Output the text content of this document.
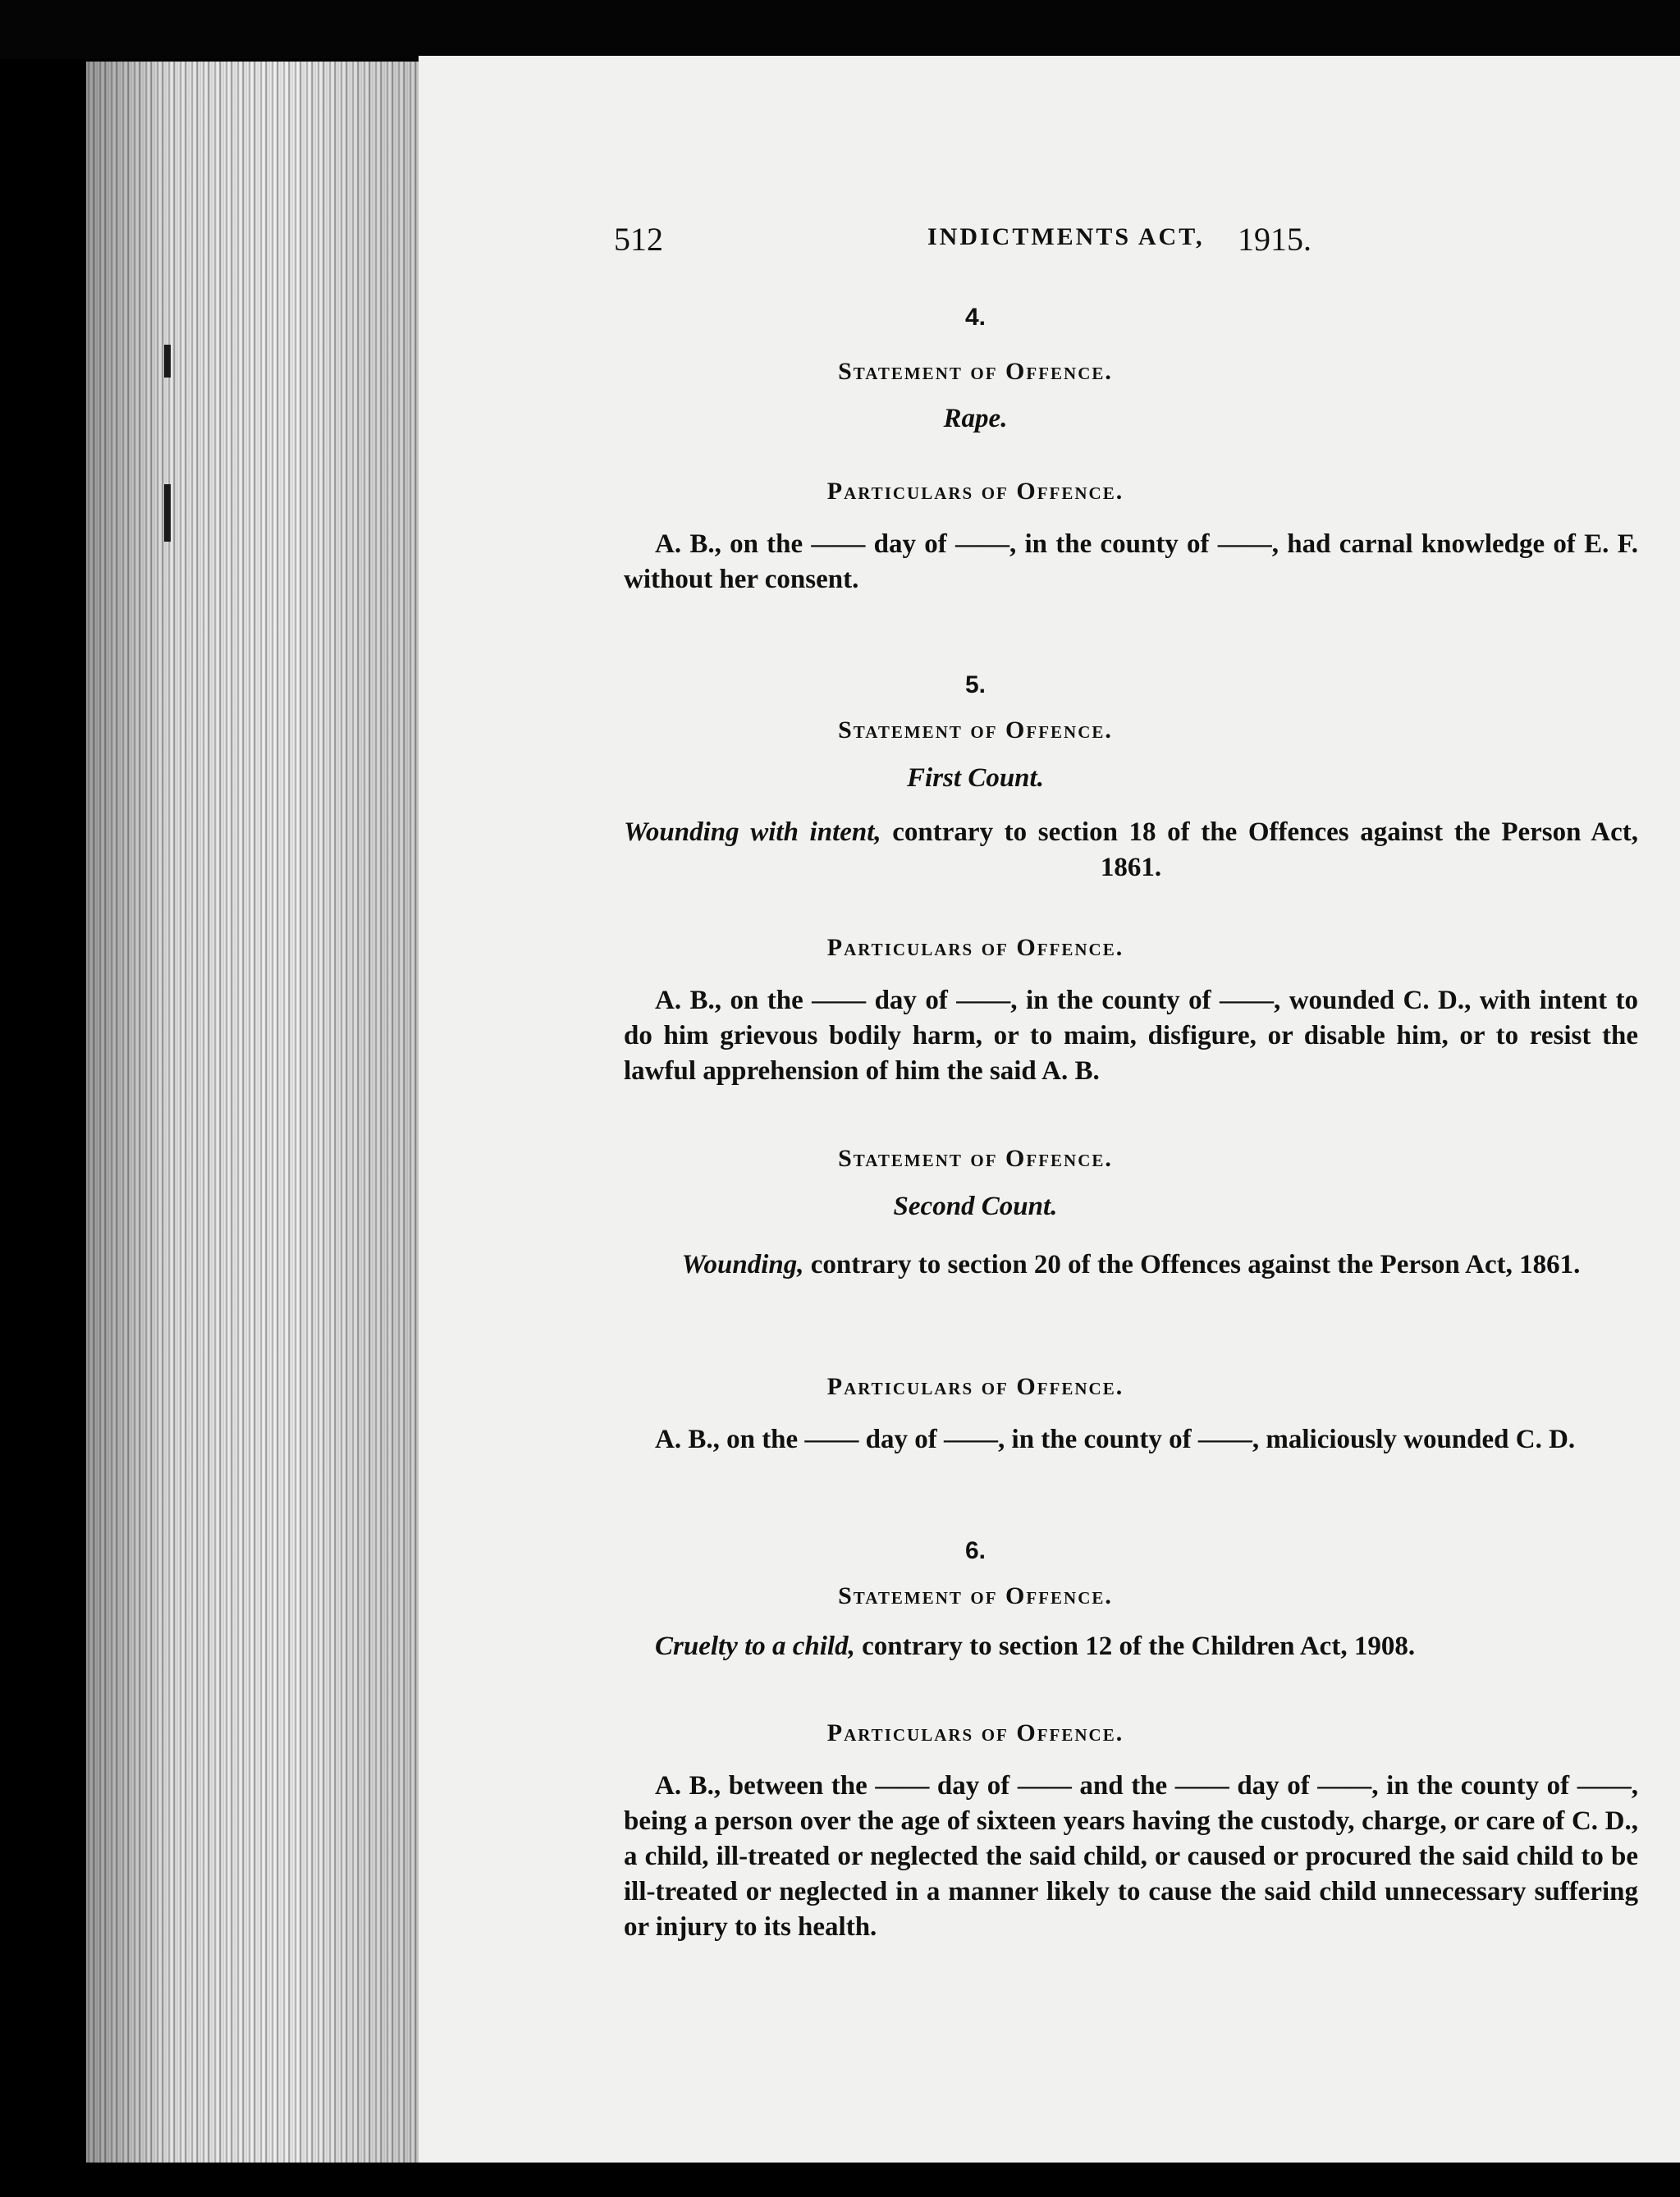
512	INDICTMENTS ACT, 1915.
4.
Statement of Offence.
Rape.
Particulars of Offence.
A. B., on the —— day of ——, in the county of ——, had carnal knowledge of E. F. without her consent.
5.
Statement of Offence.
First Count.
Wounding with intent, contrary to section 18 of the Offences against the Person Act, 1861.
Particulars of Offence.
A. B., on the —— day of ——, in the county of ——, wounded C. D., with intent to do him grievous bodily harm, or to maim, disfigure, or disable him, or to resist the lawful apprehension of him the said A. B.
Statement of Offence.
Second Count.
Wounding, contrary to section 20 of the Offences against the Person Act, 1861.
Particulars of Offence.
A. B., on the —— day of ——, in the county of ——, maliciously wounded C. D.
6.
Statement of Offence.
Cruelty to a child, contrary to section 12 of the Children Act, 1908.
Particulars of Offence.
A. B., between the —— day of —— and the —— day of ——, in the county of ——, being a person over the age of sixteen years having the custody, charge, or care of C. D., a child, ill-treated or neglected the said child, or caused or procured the said child to be ill-treated or neglected in a manner likely to cause the said child unnecessary suffering or injury to its health.
